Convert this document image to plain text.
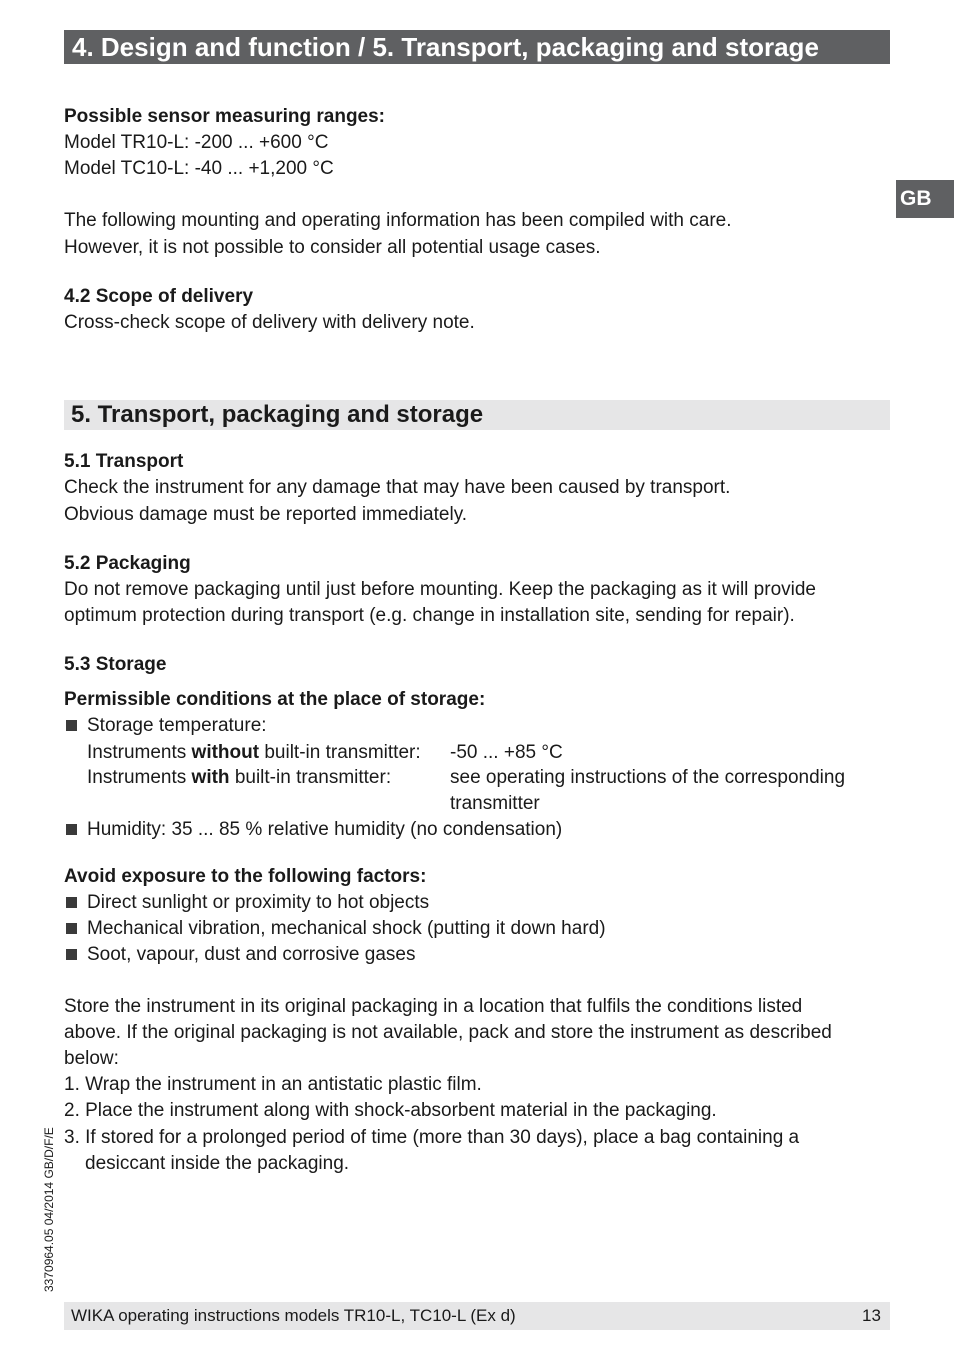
4. Design and function / 5. Transport, packaging and storage
GB

Possible sensor measuring ranges:

Model TR10-L: -200 ... +600 °C

Model TC10-L: -40 ... +1,200 °C

The following mounting and operating information has been compiled with care.

However, it is not possible to consider all potential usage cases.

4.2 Scope of delivery

Cross-check scope of delivery with delivery note.

5. Transport, packaging and storage

5.1 Transport

Check the instrument for any damage that may have been caused by transport.

Obvious damage must be reported immediately.

5.2 Packaging

Do not remove packaging until just before mounting. Keep the packaging as it will provide

optimum protection during transport (e.g. change in installation site, sending for repair).

5.3 Storage

Permissible conditions at the place of storage:

Storage temperature:

Instruments without built-in transmitter: -50 ... +85 °C

Instruments with built-in transmitter:	see operating instructions of the corresponding

transmitter

Humidity: 35 ... 85 % relative humidity (no condensation)

Avoid exposure to the following factors:

Direct sunlight or proximity to hot objects

Mechanical vibration, mechanical shock (putting it down hard)

Soot, vapour, dust and corrosive gases

Store the instrument in its original packaging in a location that fulfils the conditions listed

above. If the original packaging is not available, pack and store the instrument as described

below:

1. Wrap the instrument in an antistatic plastic film.

2. Place the instrument along with shock-absorbent material in the packaging.

3. If stored for a prolonged period of time (more than 30 days), place a bag containing a

desiccant inside the packaging.

3370964.05 04/2014 GB/D/F/E
WIKA operating instructions models TR10-L, TC10-L (Ex d)	13
